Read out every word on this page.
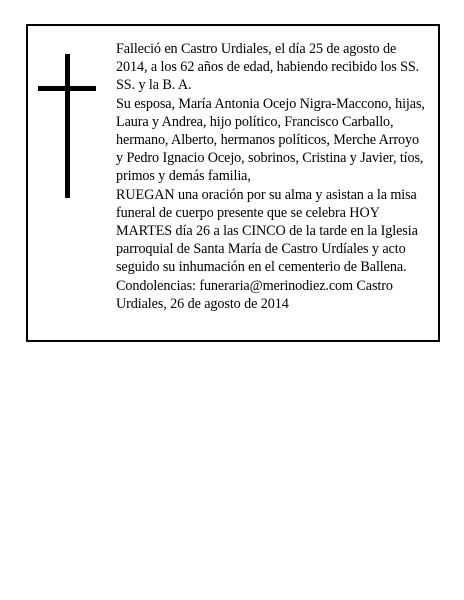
Falleció en Castro Urdiales, el día 25 de agosto de 2014, a los 62 años de edad, habiendo recibido los SS. SS. y la B. A.

Su esposa, María Antonia Ocejo Nigra-Maccono, hijas, Laura y Andrea, hijo político, Francisco Carballo, hermano, Alberto, hermanos políticos, Merche Arroyo y Pedro Ignacio Ocejo, sobrinos, Cristina y Javier, tíos, primos y demás familia,

RUEGAN una oración por su alma y asistan a la misa funeral de cuerpo presente que se celebra HOY MARTES día 26 a las CINCO de la tarde en la Iglesia parroquial de Santa María de Castro Urdíales y acto seguido su inhumación en el cementerio de Ballena.

Condolencias: funeraria@merinodiez.com Castro Urdiales, 26 de agosto de 2014
